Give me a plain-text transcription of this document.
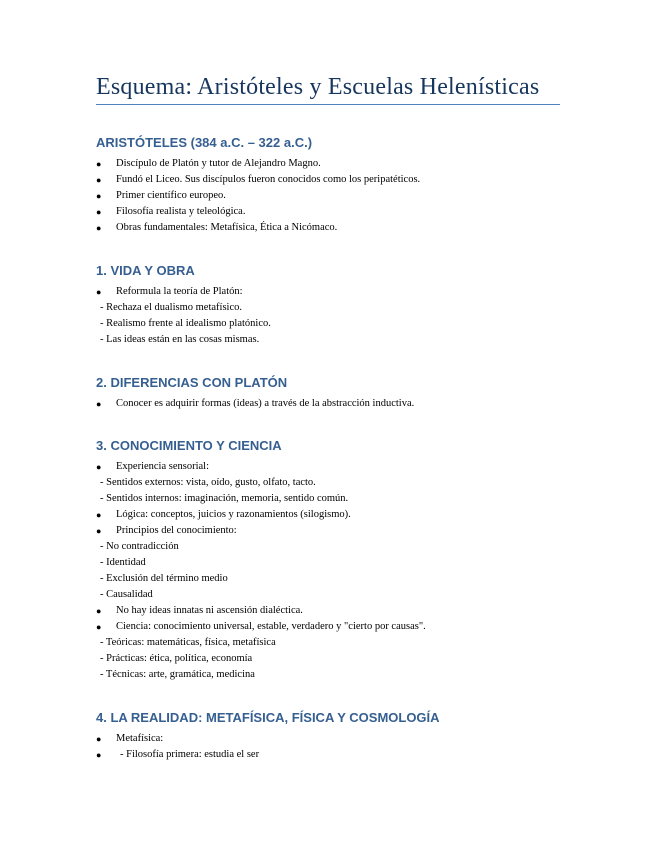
Esquema: Aristóteles y Escuelas Helenísticas
ARISTÓTELES (384 a.C. – 322 a.C.)
● Discípulo de Platón y tutor de Alejandro Magno.
● Fundó el Liceo. Sus discípulos fueron conocidos como los peripatéticos.
● Primer científico europeo.
● Filosofía realista y teleológica.
● Obras fundamentales: Metafísica, Ética a Nicómaco.
1. VIDA Y OBRA
● Reformula la teoría de Platón:
- Rechaza el dualismo metafísico.
- Realismo frente al idealismo platónico.
- Las ideas están en las cosas mismas.
2. DIFERENCIAS CON PLATÓN
● Conocer es adquirir formas (ideas) a través de la abstracción inductiva.
3. CONOCIMIENTO Y CIENCIA
● Experiencia sensorial:
- Sentidos externos: vista, oído, gusto, olfato, tacto.
- Sentidos internos: imaginación, memoria, sentido común.
● Lógica: conceptos, juicios y razonamientos (silogismo).
● Principios del conocimiento:
- No contradicción
- Identidad
- Exclusión del término medio
- Causalidad
● No hay ideas innatas ni ascensión dialéctica.
● Ciencia: conocimiento universal, estable, verdadero y "cierto por causas".
- Teóricas: matemáticas, física, metafísica
- Prácticas: ética, política, economía
- Técnicas: arte, gramática, medicina
4. LA REALIDAD: METAFÍSICA, FÍSICA Y COSMOLOGÍA
● Metafísica:
● - Filosofía primera: estudia el ser
